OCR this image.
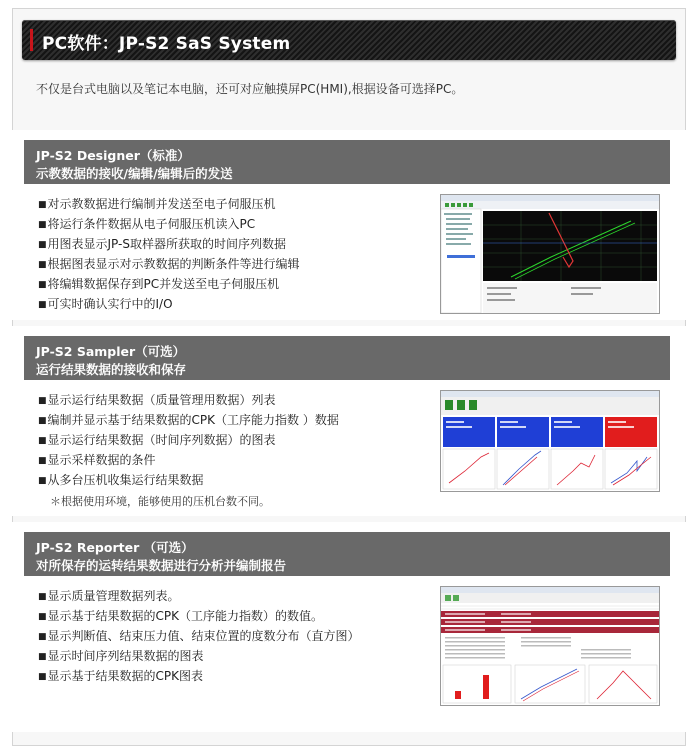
PC软件：JP-S2 SaS System
不仅是台式电脑以及笔记本电脑，还可对应触摸屏PC(HMI),根据设备可选择PC。
JP-S2 Designer（标准）
示教数据的接收/编辑/编辑后的发送
■ 对示教数据进行编制并发送至电子伺服压机
■ 将运行条件数据从电子伺服压机读入PC
■ 用图表显示JP-S取样器所获取的时间序列数据
■ 根据图表显示对示教数据的判断条件等进行编辑
■ 将编辑数据保存到PC并发送至电子伺服压机
■ 可实时确认实行中的I/O
JP-S2 Sampler（可选）
运行结果数据的接收和保存
■ 显示运行结果数据（质量管理用数据）列表
■ 编制并显示基于结果数据的CPK（工序能力指数 ）数据
■ 显示运行结果数据（时间序列数据）的图表
■ 显示采样数据的条件
■ 从多台压机收集运行结果数据
＊根据使用环境，能够使用的压机台数不同。
JP-S2 Reporter （可选）
对所保存的运转结果数据进行分析并编制报告
■ 显示质量管理数据列表。
■ 显示基于结果数据的CPK（工序能力指数）的数值。
■ 显示判断值、结束压力值、结束位置的度数分布（直方图）
■ 显示时间序列结果数据的图表
■ 显示基于结果数据的CPK图表
